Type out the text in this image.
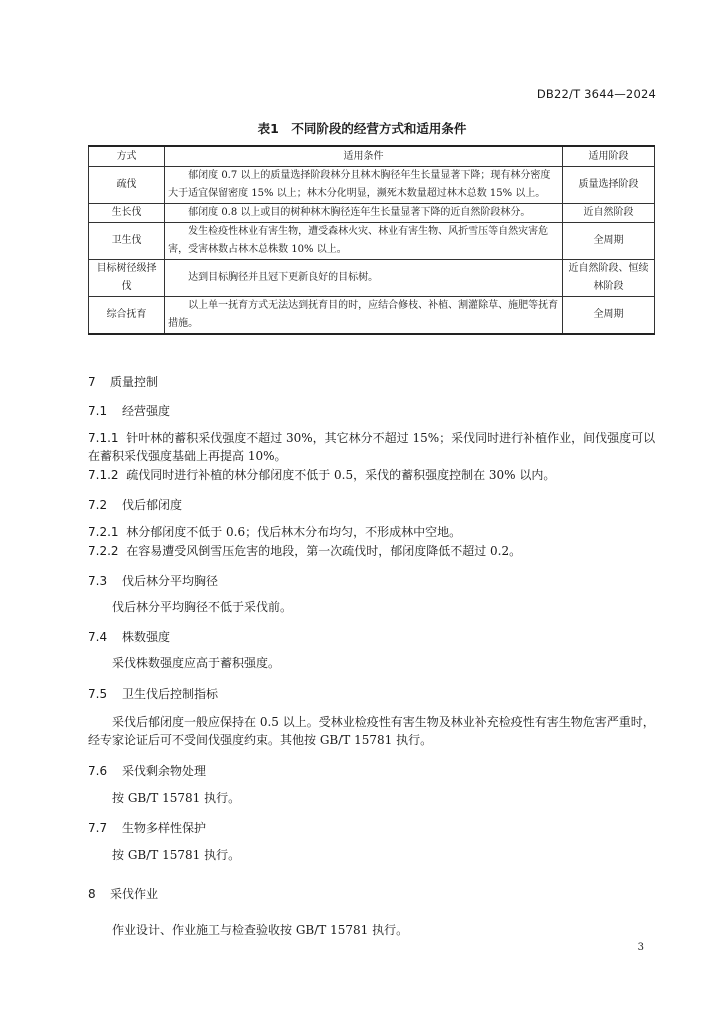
DB22/T 3644—2024
表1　不同阶段的经营方式和适用条件
方式	适用条件	适用阶段
疏伐	郁闭度 0.7 以上的质量选择阶段林分且林木胸径年生长量显著下降；现有林分密度大于适宜保留密度 15% 以上；林木分化明显，濒死木数量超过林木总数 15% 以上。	质量选择阶段
生长伐	郁闭度 0.8 以上或目的树种林木胸径连年生长量显著下降的近自然阶段林分。	近自然阶段
卫生伐	发生检疫性林业有害生物，遭受森林火灾、林业有害生物、风折雪压等自然灾害危害，受害林数占林木总株数 10% 以上。	全周期
目标树径级择伐	达到目标胸径并且冠下更新良好的目标树。	近自然阶段、恒续林阶段
综合抚育	以上单一抚育方式无法达到抚育目的时，应结合修枝、补植、割灌除草、施肥等抚育措施。	全周期
7 质量控制
7.1 经营强度
7.1.1 针叶林的蓄积采伐强度不超过 30%，其它林分不超过 15%；采伐同时进行补植作业，间伐强度可以在蓄积采伐强度基础上再提高 10%。
7.1.2 疏伐同时进行补植的林分郁闭度不低于 0.5，采伐的蓄积强度控制在 30% 以内。
7.2 伐后郁闭度
7.2.1 林分郁闭度不低于 0.6；伐后林木分布均匀，不形成林中空地。
7.2.2 在容易遭受风倒雪压危害的地段，第一次疏伐时，郁闭度降低不超过 0.2。
7.3 伐后林分平均胸径
伐后林分平均胸径不低于采伐前。
7.4 株数强度
采伐株数强度应高于蓄积强度。
7.5 卫生伐后控制指标
采伐后郁闭度一般应保持在 0.5 以上。受林业检疫性有害生物及林业补充检疫性有害生物危害严重时，经专家论证后可不受间伐强度约束。其他按 GB/T 15781 执行。
7.6 采伐剩余物处理
按 GB/T 15781 执行。
7.7 生物多样性保护
按 GB/T 15781 执行。
8 采伐作业
作业设计、作业施工与检查验收按 GB/T 15781 执行。
3
